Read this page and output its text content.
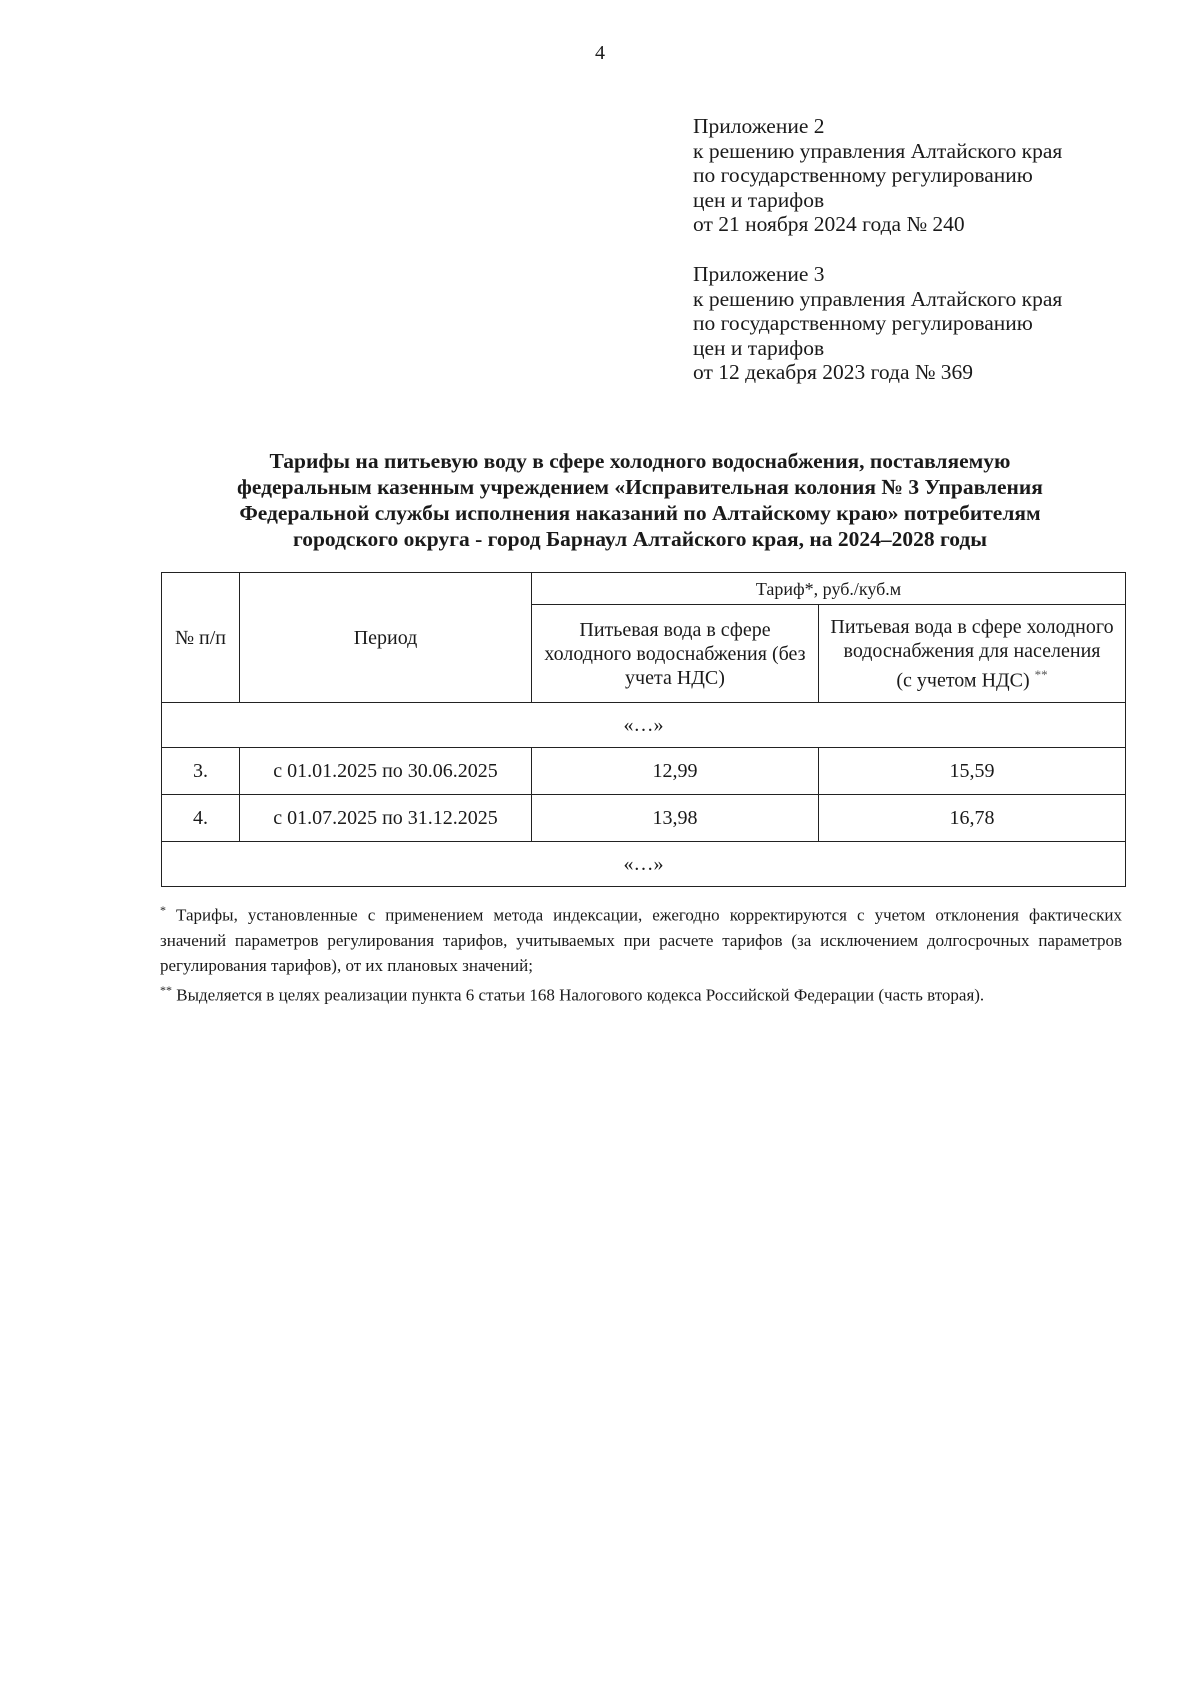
4
Приложение 2
к решению управления Алтайского края
по государственному регулированию
цен и тарифов
от 21 ноября 2024 года № 240
Приложение 3
к решению управления Алтайского края
по государственному регулированию
цен и тарифов
от 12 декабря 2023 года № 369
Тарифы на питьевую воду в сфере холодного водоснабжения, поставляемую
федеральным казенным учреждением «Исправительная колония № 3 Управления
Федеральной службы исполнения наказаний по Алтайскому краю» потребителям
городского округа - город Барнаул Алтайского края, на 2024–2028 годы
№ п/п	Период	Тариф*, руб./куб.м	
		Питьевая вода в сфере холодного водоснабжения (без учета НДС)	Питьевая вода в сфере холодного водоснабжения для населения
(с учетом НДС) **
«…»			
3.	с 01.01.2025 по 30.06.2025	12,99	15,59
4.	с 01.07.2025 по 31.12.2025	13,98	16,78
«…»			

* Тарифы, установленные с применением метода индексации, ежегодно корректируются с учетом отклонения фактических значений параметров регулирования тарифов, учитываемых при расчете тарифов (за исключением долгосрочных параметров регулирования тарифов), от их плановых значений;

** Выделяется в целях реализации пункта 6 статьи 168 Налогового кодекса Российской Федерации (часть вторая).
